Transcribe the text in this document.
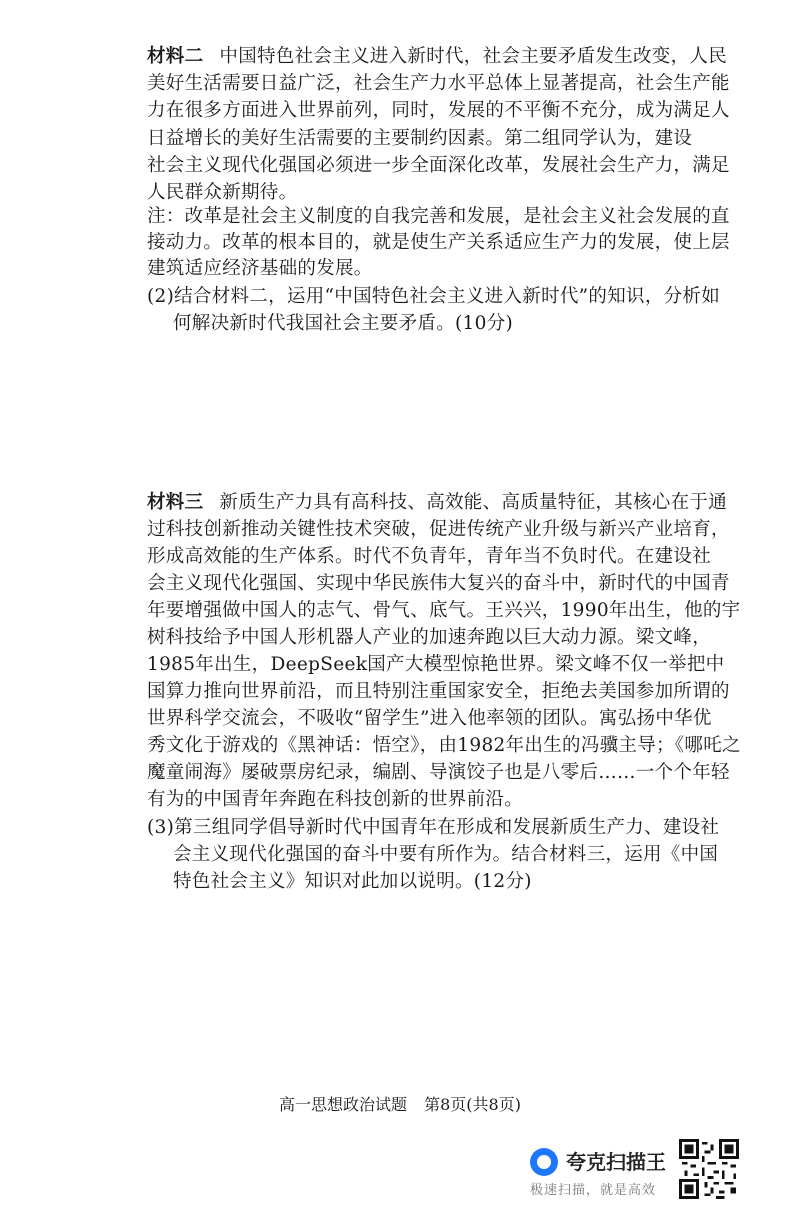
材料二 中国特色社会主义进入新时代，社会主要矛盾发生改变，人民

美好生活需要日益广泛，社会生产力水平总体上显著提高，社会生产能

力在很多方面进入世界前列，同时，发展的不平衡不充分，成为满足人

日益增长的美好生活需要的主要制约因素。第二组同学认为，建设

社会主义现代化强国必须进一步全面深化改革，发展社会生产力，满足

人民群众新期待。

注：改革是社会主义制度的自我完善和发展，是社会主义社会发展的直

接动力。改革的根本目的，就是使生产关系适应生产力的发展，使上层

建筑适应经济基础的发展。

(2)结合材料二，运用“中国特色社会主义进入新时代”的知识，分析如

何解决新时代我国社会主要矛盾。(10分)

材料三 新质生产力具有高科技、高效能、高质量特征，其核心在于通

过科技创新推动关键性技术突破，促进传统产业升级与新兴产业培育，

形成高效能的生产体系。时代不负青年，青年当不负时代。在建设社

会主义现代化强国、实现中华民族伟大复兴的奋斗中，新时代的中国青

年要增强做中国人的志气、骨气、底气。王兴兴，1990年出生，他的宇

树科技给予中国人形机器人产业的加速奔跑以巨大动力源。梁文峰，

1985年出生，DeepSeek国产大模型惊艳世界。梁文峰不仅一举把中

国算力推向世界前沿，而且特别注重国家安全，拒绝去美国参加所谓的

世界科学交流会，不吸收“留学生”进入他率领的团队。寓弘扬中华优

秀文化于游戏的《黑神话：悟空》，由1982年出生的冯骥主导；《哪吒之

魔童闹海》屡破票房纪录，编剧、导演饺子也是八零后……一个个年轻

有为的中国青年奔跑在科技创新的世界前沿。

(3)第三组同学倡导新时代中国青年在形成和发展新质生产力、建设社

会主义现代化强国的奋斗中要有所作为。结合材料三，运用《中国

特色社会主义》知识对此加以说明。(12分)

高一思想政治试题 第8页(共8页)
夸克扫描王
极速扫描，就是高效
